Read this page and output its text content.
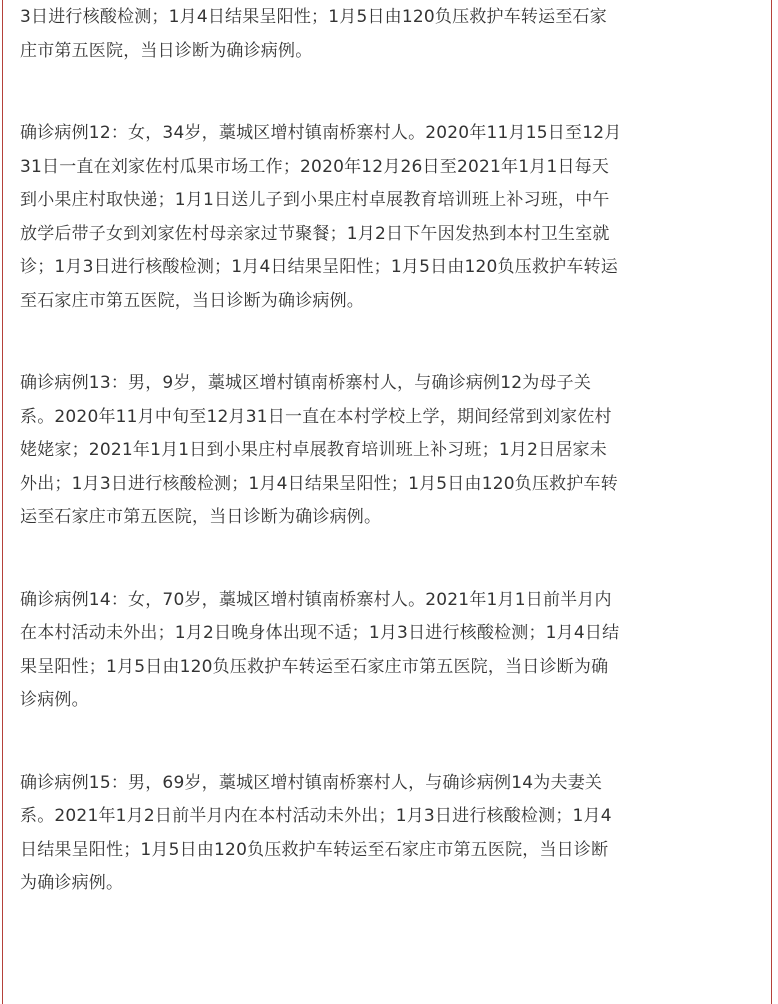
3日进行核酸检测；1月4日结果呈阳性；1月5日由120负压救护车转运至石家
庄市第五医院，当日诊断为确诊病例。
确诊病例12：女，34岁，藁城区增村镇南桥寨村人。2020年11月15日至12月
31日一直在刘家佐村瓜果市场工作；2020年12月26日至2021年1月1日每天
到小果庄村取快递；1月1日送儿子到小果庄村卓展教育培训班上补习班，中午
放学后带子女到刘家佐村母亲家过节聚餐；1月2日下午因发热到本村卫生室就
诊；1月3日进行核酸检测；1月4日结果呈阳性；1月5日由120负压救护车转运
至石家庄市第五医院，当日诊断为确诊病例。
确诊病例13：男，9岁，藁城区增村镇南桥寨村人，与确诊病例12为母子关
系。2020年11月中旬至12月31日一直在本村学校上学，期间经常到刘家佐村
姥姥家；2021年1月1日到小果庄村卓展教育培训班上补习班；1月2日居家未
外出；1月3日进行核酸检测；1月4日结果呈阳性；1月5日由120负压救护车转
运至石家庄市第五医院，当日诊断为确诊病例。
确诊病例14：女，70岁，藁城区增村镇南桥寨村人。2021年1月1日前半月内
在本村活动未外出；1月2日晚身体出现不适；1月3日进行核酸检测；1月4日结
果呈阳性；1月5日由120负压救护车转运至石家庄市第五医院，当日诊断为确
诊病例。
确诊病例15：男，69岁，藁城区增村镇南桥寨村人，与确诊病例14为夫妻关
系。2021年1月2日前半月内在本村活动未外出；1月3日进行核酸检测；1月4
日结果呈阳性；1月5日由120负压救护车转运至石家庄市第五医院，当日诊断
为确诊病例。
